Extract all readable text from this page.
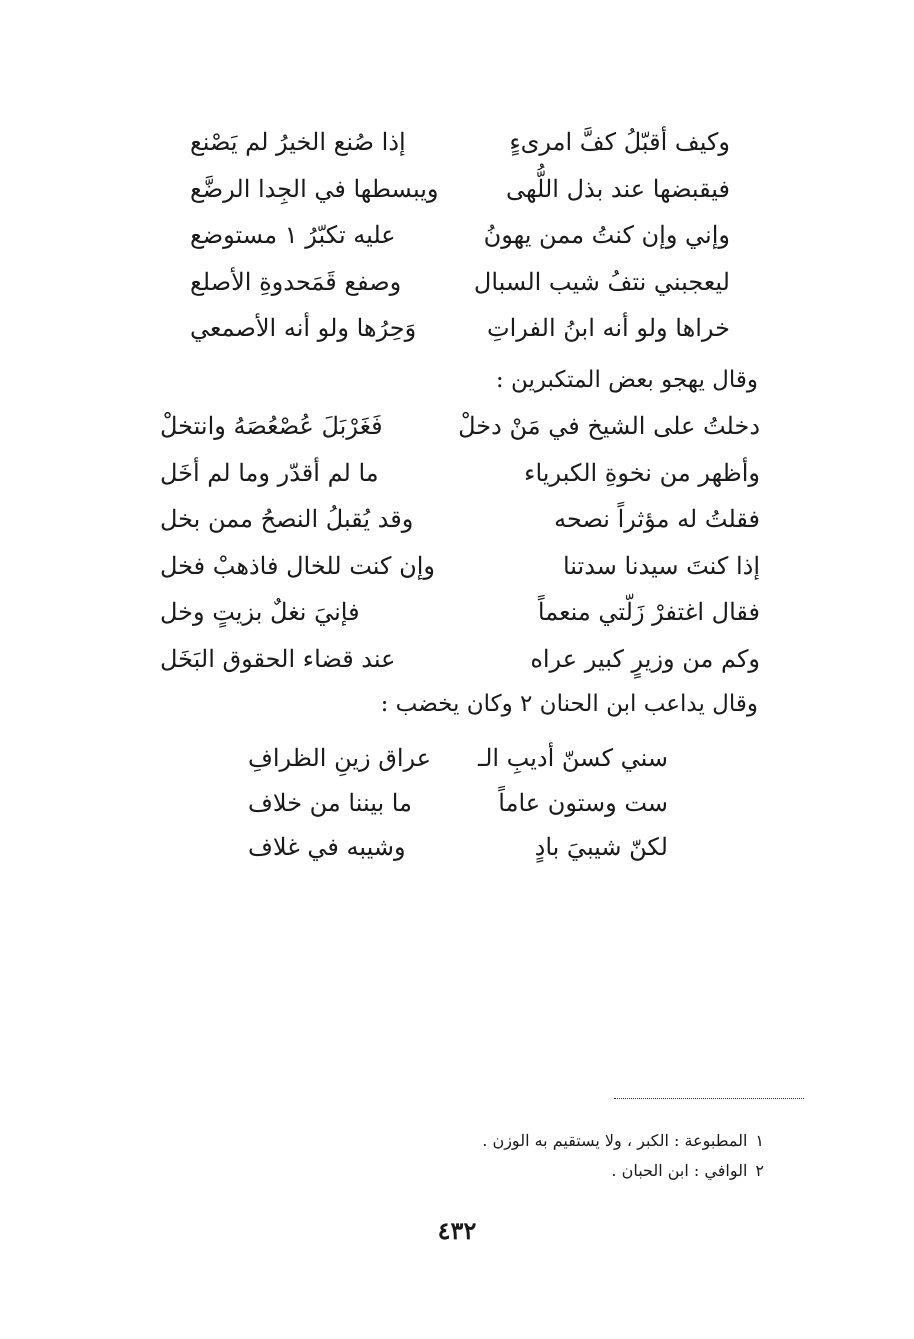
وكيف أقبّلُ كفَّ امرىءٍ
إذا صُنع الخيرُ لم يَصْنع
فيقبضها عند بذل اللُّهى
ويبسطها في الجِدا الرضَّع
وإني وإن كنتُ ممن يهونُ
عليه تكبّرُ ١ مستوضع
ليعجبني نتفُ شيب السبال
وصفع قَمَحدوةِ الأصلع
خراها ولو أنه ابنُ الفراتِ
وَحِرُها ولو أنه الأصمعي
وقال يهجو بعض المتكبرين :
دخلتُ على الشيخ في مَنْ دخلْ
فَغَرْبَلَ عُصْعُصَهُ وانتخلْ
وأظهر من نخوةِ الكبرياء
ما لم أقدّر وما لم أخَل
فقلتُ له مؤثراً نصحه
وقد يُقبلُ النصحُ ممن بخل
إذا كنتَ سيدنا سدتنا
وإن كنت للخال فاذهبْ فخل
فقال اغتفرْ زَلّتي منعماً
فإنيَ نغلٌ بزيتٍ وخل
وكم من وزيرٍ كبير عراه
عند قضاء الحقوق البَخَل
وقال يداعب ابن الحنان ٢ وكان يخضب :
سني كسنّ أديبِ الـ
عراق زينِ الظرافِ
ست وستون عاماً
ما بيننا من خلاف
لكنّ شيبيَ بادٍ
وشيبه في غلاف
١المطبوعة : الكبر ، ولا يستقيم به الوزن .
٢الوافي : ابن الحبان .
٤٣٢
